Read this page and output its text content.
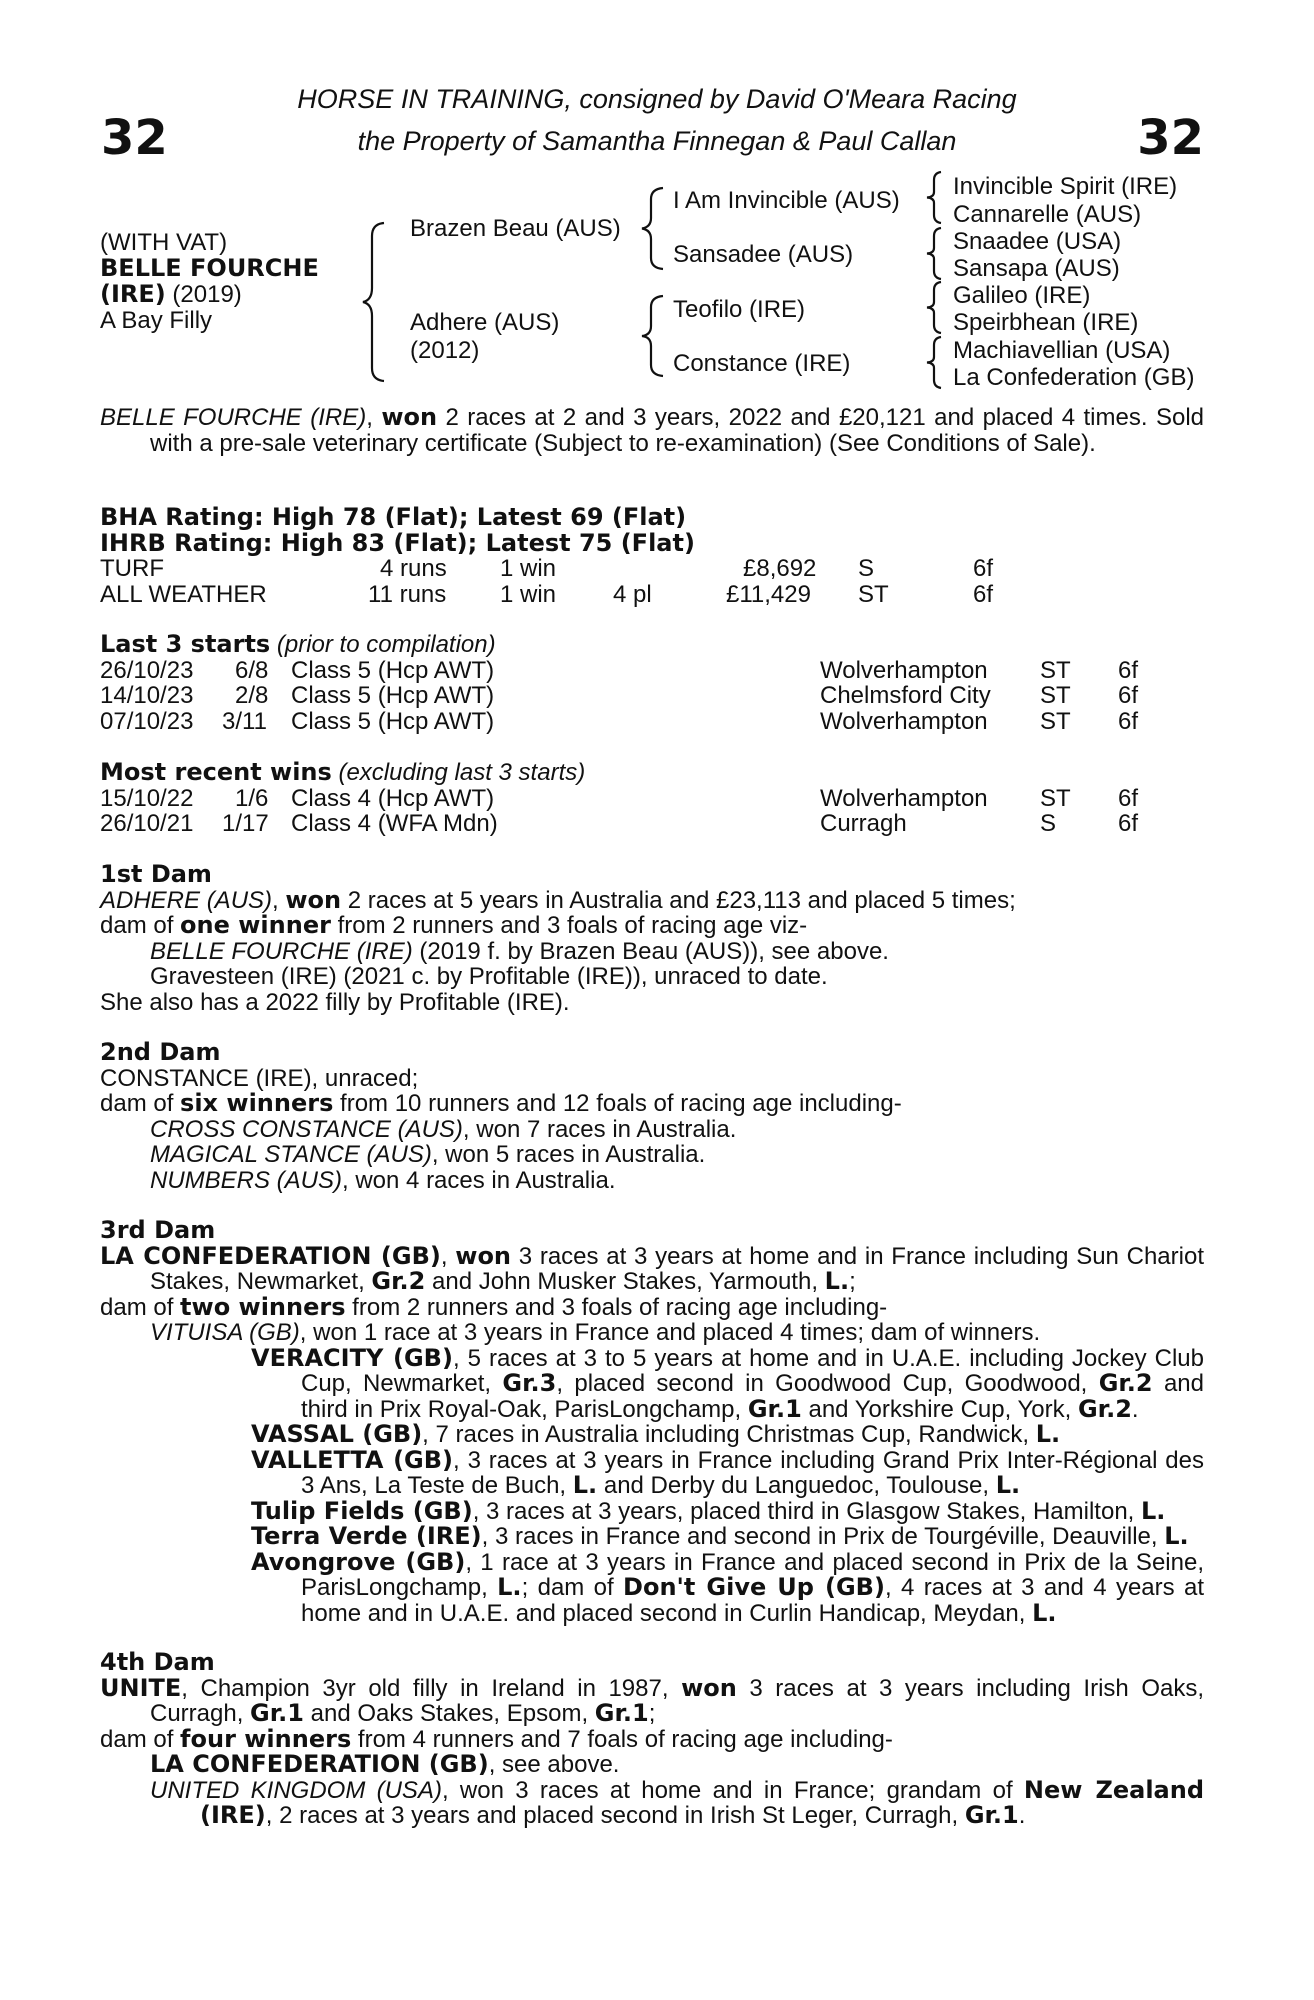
32	32
HORSE IN TRAINING, consigned by David O'Meara Racing
the Property of Samantha Finnegan & Paul Callan
(WITH VAT)
BELLE FOURCHE
(IRE) (2019)
A Bay Filly
Brazen Beau (AUS)
Adhere (AUS)
(2012)
I Am Invincible (AUS)
Sansadee (AUS)
Teofilo (IRE)
Constance (IRE)
Invincible Spirit (IRE)
Cannarelle (AUS)
Snaadee (USA)
Sansapa (AUS)
Galileo (IRE)
Speirbhean (IRE)
Machiavellian (USA)
La Confederation (GB)

BELLE FOURCHE (IRE), won 2 races at 2 and 3 years, 2022 and £20,121 and placed 4 times. Sold with a pre-sale veterinary certificate (Subject to re-examination) (See Conditions of Sale).

BHA Rating: High 78 (Flat); Latest 69 (Flat)
IHRB Rating: High 83 (Flat); Latest 75 (Flat)
TURF	4 runs 1 win	£8,692 S	6f
ALL WEATHER	11 runs 1 win 4 pl	£11,429 ST	6f
Last 3 starts (prior to compilation)
26/10/23 6/8 Class 5 (Hcp AWT)	Wolverhampton ST 6f
14/10/23 2/8 Class 5 (Hcp AWT)	Chelmsford City ST 6f
07/10/23 3/11 Class 5 (Hcp AWT)	Wolverhampton ST 6f
Most recent wins (excluding last 3 starts)
15/10/22 1/6 Class 4 (Hcp AWT)	Wolverhampton ST 6f
26/10/21 1/17 Class 4 (WFA Mdn)	Curragh	S	6f

1st Dam

ADHERE (AUS), won 2 races at 5 years in Australia and £23,113 and placed 5 times;

dam of one winner from 2 runners and 3 foals of racing age viz-

BELLE FOURCHE (IRE) (2019 f. by Brazen Beau (AUS)), see above.

Gravesteen (IRE) (2021 c. by Profitable (IRE)), unraced to date.

She also has a 2022 filly by Profitable (IRE).

2nd Dam

CONSTANCE (IRE), unraced;

dam of six winners from 10 runners and 12 foals of racing age including-

CROSS CONSTANCE (AUS), won 7 races in Australia.

MAGICAL STANCE (AUS), won 5 races in Australia.

NUMBERS (AUS), won 4 races in Australia.

3rd Dam

LA CONFEDERATION (GB), won 3 races at 3 years at home and in France including Sun Chariot Stakes, Newmarket, Gr.2 and John Musker Stakes, Yarmouth, L.;

dam of two winners from 2 runners and 3 foals of racing age including-

VITUISA (GB), won 1 race at 3 years in France and placed 4 times; dam of winners.

VERACITY (GB), 5 races at 3 to 5 years at home and in U.A.E. including Jockey Club Cup, Newmarket, Gr.3, placed second in Goodwood Cup, Goodwood, Gr.2 and third in Prix Royal-Oak, ParisLongchamp, Gr.1 and Yorkshire Cup, York, Gr.2.

VASSAL (GB), 7 races in Australia including Christmas Cup, Randwick, L.

VALLETTA (GB), 3 races at 3 years in France including Grand Prix Inter-Régional des 3 Ans, La Teste de Buch, L. and Derby du Languedoc, Toulouse, L.

Tulip Fields (GB), 3 races at 3 years, placed third in Glasgow Stakes, Hamilton, L.

Terra Verde (IRE), 3 races in France and second in Prix de Tourgéville, Deauville, L.

Avongrove (GB), 1 race at 3 years in France and placed second in Prix de la Seine, ParisLongchamp, L.; dam of Don't Give Up (GB), 4 races at 3 and 4 years at home and in U.A.E. and placed second in Curlin Handicap, Meydan, L.

4th Dam

UNITE, Champion 3yr old filly in Ireland in 1987, won 3 races at 3 years including Irish Oaks, Curragh, Gr.1 and Oaks Stakes, Epsom, Gr.1;

dam of four winners from 4 runners and 7 foals of racing age including-

LA CONFEDERATION (GB), see above.

UNITED KINGDOM (USA), won 3 races at home and in France; grandam of New Zealand (IRE), 2 races at 3 years and placed second in Irish St Leger, Curragh, Gr.1.
